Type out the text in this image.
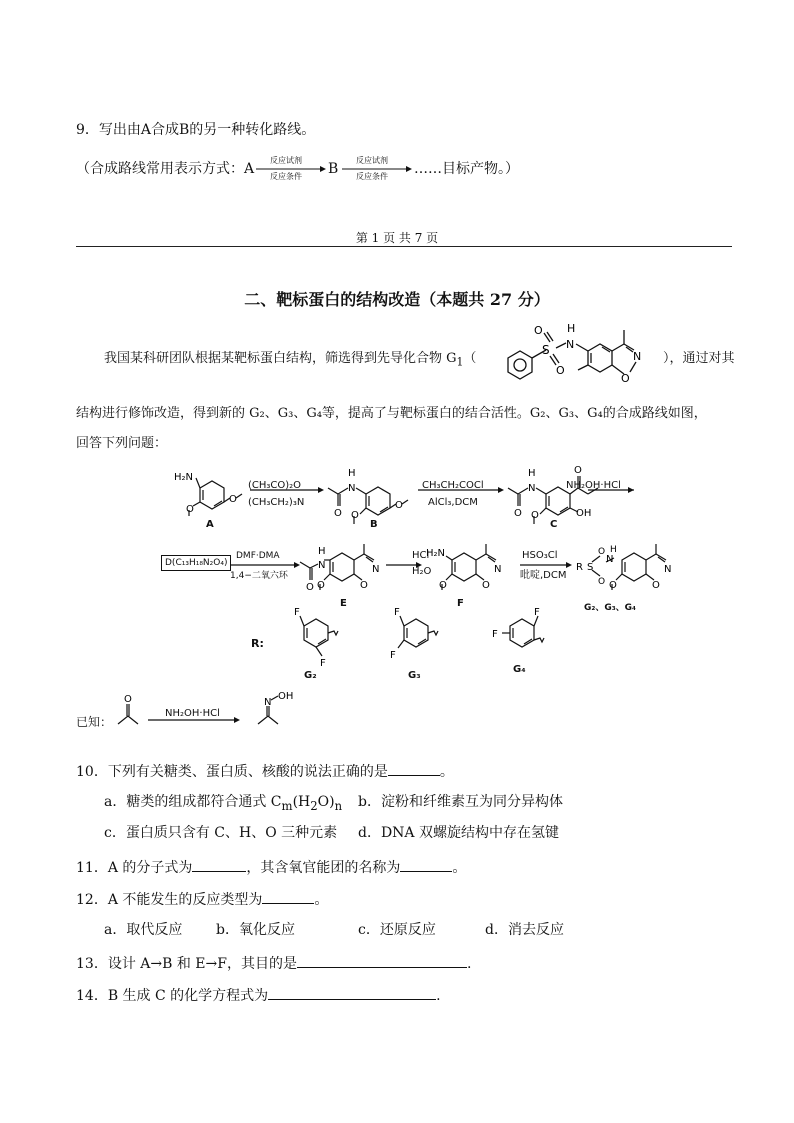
9．写出由A合成B的另一种转化路线。
（合成路线常用表示方式：A
反应试剂
反应条件 B
反应试剂
反应条件 ……目标产物。）
第 1 页 共 7 页
二、靶标蛋白的结构改造（本题共 27 分）
我国某科研团队根据某靶标蛋白结构，筛选得到先导化合物 $G_1$（
S
O
O
N
H
N
O
），通过对其
结构进行修饰改造，得到新的 G₂、G₃、G₄等，提高了与靶标蛋白的结合活性。G₂、G₃、G₄的合成路线如图，
回答下列问题：
H₂N
O
O
N
H
O
O
O
N
H
O
O
OH
O
A
(CH₃CO)₂O
(CH₃CH₂)₃N
B
CH₃CH₂COCl
AlCl₃,DCM
C
NH₂OH·HCl
D(C₁₃H₁₈N₂O₄)
DMF·DMA
1,4−二氧六环
N
H
O
N
O
O
H₂N
N
O
O
R S
O
O
N
H
N
O
O
HCl
H₂O
E	F
HSO₃Cl
吡啶,DCM
G₂、G₃、G₄
R:
F
F
G₂
F
F
G₃
F
F
G₄
已知：
O	N
OH
NH₂OH·HCl
10．下列有关糖类、蛋白质、核酸的说法正确的是	。
a．糖类的组成都符合通式 $C_m(H_2O)_n$ b．淀粉和纤维素互为同分异构体
c．蛋白质只含有 C、H、O 三种元素 d．DNA 双螺旋结构中存在氢键
11．A 的分子式为	，其含氧官能团的名称为	。
12．A 不能发生的反应类型为	。
a．取代反应 b．氧化反应	c．还原反应	d．消去反应
13．设计 A→B 和 E→F，其目的是	.
14．B 生成 C 的化学方程式为	.
